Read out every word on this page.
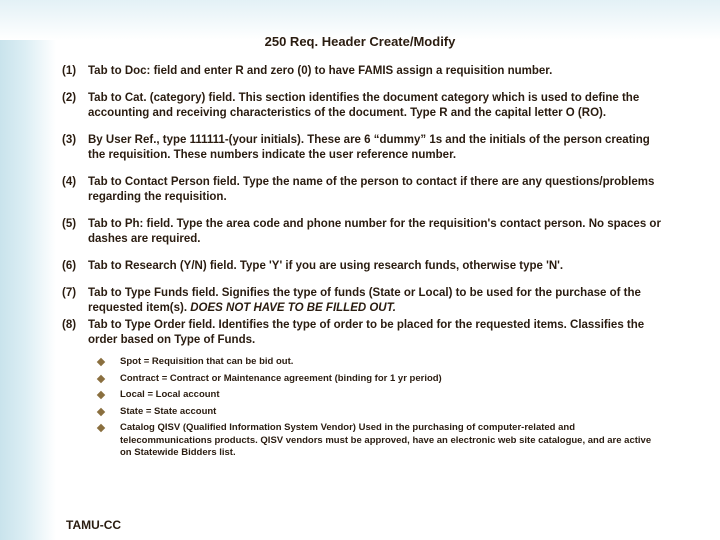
250 Req. Header Create/Modify

(1) Tab to Doc: field and enter R and zero (0) to have FAMIS assign a requisition number.

(2) Tab to Cat. (category) field. This section identifies the document category which is used to define the accounting and receiving characteristics of the document. Type R and the capital letter O (RO).

(3) By User Ref., type 111111-(your initials). These are 6 “dummy” 1s and the initials of the person creating the requisition. These numbers indicate the user reference number.

(4) Tab to Contact Person field. Type the name of the person to contact if there are any questions/problems regarding the requisition.

(5) Tab to Ph: field. Type the area code and phone number for the requisition's contact person. No spaces or dashes are required.

(6) Tab to Research (Y/N) field. Type 'Y' if you are using research funds, otherwise type 'N'.

(7) Tab to Type Funds field. Signifies the type of funds (State or Local) to be used for the purchase of the requested item(s). DOES NOT HAVE TO BE FILLED OUT.

(8) Tab to Type Order field. Identifies the type of order to be placed for the requested items. Classifies the order based on Type of Funds.

Spot = Requisition that can be bid out.
Contract = Contract or Maintenance agreement (binding for 1 yr period)
Local = Local account
State = State account
Catalog QISV (Qualified Information System Vendor) Used in the purchasing of computer-related and telecommunications products. QISV vendors must be approved, have an electronic web site catalogue, and are active on Statewide Bidders list.
TAMU-CC
